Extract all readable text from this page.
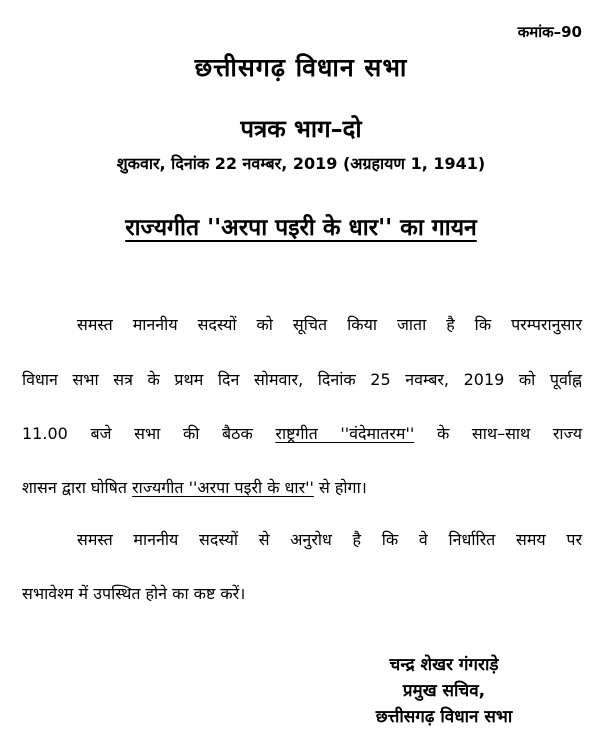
कमांक–90
छत्तीसगढ़ विधान सभा
पत्रक भाग–दो
शुकवार, दिनांक 22 नवम्बर, 2019 (अग्रहायण 1, 1941)
राज्यगीत ''अरपा पइरी के धार'' का गायन
समस्त माननीय सदस्यों को सूचित किया जाता है कि परम्परानुसार
विधान सभा सत्र के प्रथम दिन सोमवार, दिनांक 25 नवम्बर, 2019 को पूर्वाह्न
11.00 बजे सभा की बैठक राष्ट्रगीत ''वंदेमातरम'' के साथ–साथ राज्य
शासन द्वारा घोषित राज्यगीत ''अरपा पइरी के धार'' से होगा।
समस्त माननीय सदस्यों से अनुरोध है कि वे निर्धारित समय पर
सभावेश्म में उपस्थित होने का कष्ट करें।
चन्द्र शेखर गंगराड़े
प्रमुख सचिव,
छत्तीसगढ़ विधान सभा
